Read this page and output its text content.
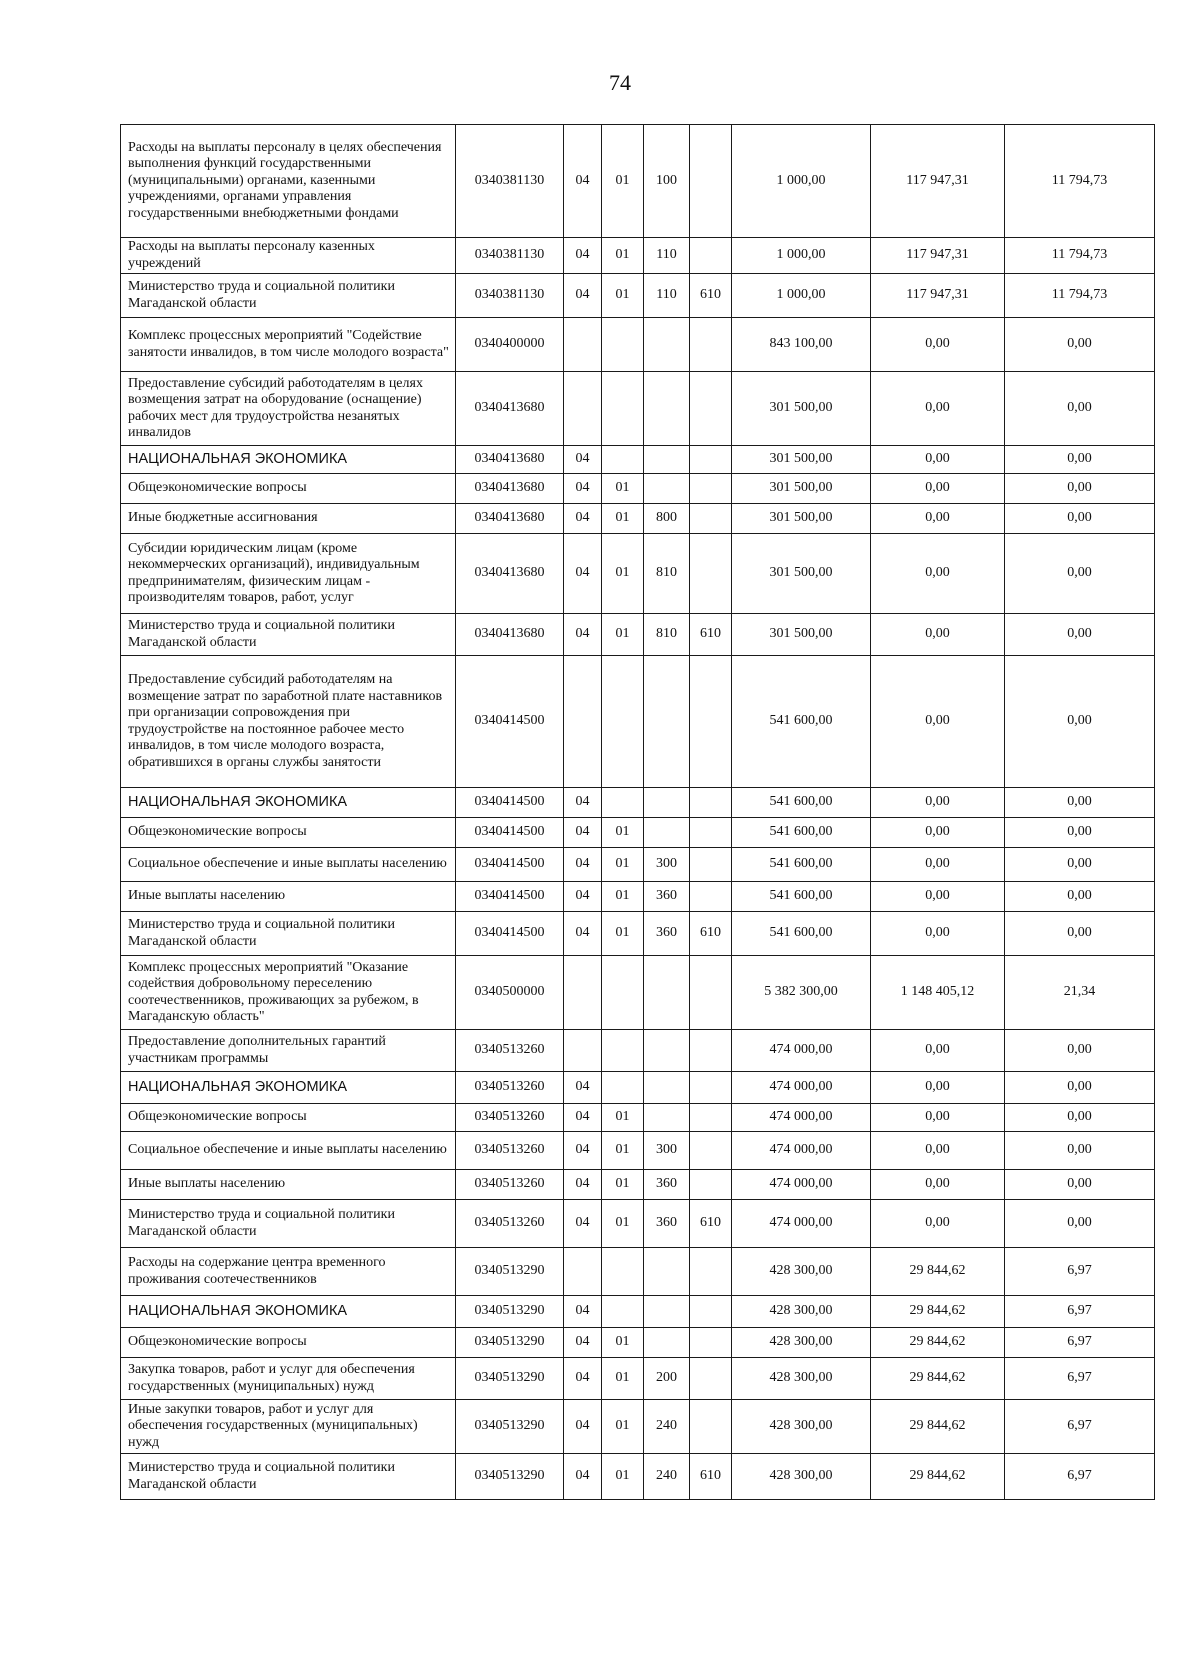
74
Расходы на выплаты персоналу в целях обеспечения выполнения функций государственными (муниципальными) органами, казенными учреждениями, органами управления государственными внебюджетными фондами	0340381130	04	01	100		1 000,00	117 947,31	11 794,73
Расходы на выплаты персоналу казенных учреждений	0340381130	04	01	110		1 000,00	117 947,31	11 794,73
Министерство труда и социальной политики Магаданской области	0340381130	04	01	110	610	1 000,00	117 947,31	11 794,73
Комплекс процессных мероприятий "Содействие занятости инвалидов, в том числе молодого возраста"	0340400000					843 100,00	0,00	0,00
Предоставление субсидий работодателям в целях возмещения затрат на оборудование (оснащение) рабочих мест для трудоустройства незанятых инвалидов	0340413680					301 500,00	0,00	0,00
НАЦИОНАЛЬНАЯ ЭКОНОМИКА	0340413680	04				301 500,00	0,00	0,00
Общеэкономические вопросы	0340413680	04	01			301 500,00	0,00	0,00
Иные бюджетные ассигнования	0340413680	04	01	800		301 500,00	0,00	0,00
Субсидии юридическим лицам (кроме некоммерческих организаций), индивидуальным предпринимателям, физическим лицам - производителям товаров, работ, услуг	0340413680	04	01	810		301 500,00	0,00	0,00
Министерство труда и социальной политики Магаданской области	0340413680	04	01	810	610	301 500,00	0,00	0,00
Предоставление субсидий работодателям на возмещение затрат по заработной плате наставников при организации сопровождения при трудоустройстве на постоянное рабочее место инвалидов, в том числе молодого возраста, обратившихся в органы службы занятости	0340414500					541 600,00	0,00	0,00
НАЦИОНАЛЬНАЯ ЭКОНОМИКА	0340414500	04				541 600,00	0,00	0,00
Общеэкономические вопросы	0340414500	04	01			541 600,00	0,00	0,00
Социальное обеспечение и иные выплаты населению	0340414500	04	01	300		541 600,00	0,00	0,00
Иные выплаты населению	0340414500	04	01	360		541 600,00	0,00	0,00
Министерство труда и социальной политики Магаданской области	0340414500	04	01	360	610	541 600,00	0,00	0,00
Комплекс процессных мероприятий "Оказание содействия добровольному переселению соотечественников, проживающих за рубежом, в Магаданскую область"	0340500000					5 382 300,00	1 148 405,12	21,34
Предоставление дополнительных гарантий участникам программы	0340513260					474 000,00	0,00	0,00
НАЦИОНАЛЬНАЯ ЭКОНОМИКА	0340513260	04				474 000,00	0,00	0,00
Общеэкономические вопросы	0340513260	04	01			474 000,00	0,00	0,00
Социальное обеспечение и иные выплаты населению	0340513260	04	01	300		474 000,00	0,00	0,00
Иные выплаты населению	0340513260	04	01	360		474 000,00	0,00	0,00
Министерство труда и социальной политики Магаданской области	0340513260	04	01	360	610	474 000,00	0,00	0,00
Расходы на содержание центра временного проживания соотечественников	0340513290					428 300,00	29 844,62	6,97
НАЦИОНАЛЬНАЯ ЭКОНОМИКА	0340513290	04				428 300,00	29 844,62	6,97
Общеэкономические вопросы	0340513290	04	01			428 300,00	29 844,62	6,97
Закупка товаров, работ и услуг для обеспечения государственных (муниципальных) нужд	0340513290	04	01	200		428 300,00	29 844,62	6,97
Иные закупки товаров, работ и услуг для обеспечения государственных (муниципальных) нужд	0340513290	04	01	240		428 300,00	29 844,62	6,97
Министерство труда и социальной политики Магаданской области	0340513290	04	01	240	610	428 300,00	29 844,62	6,97
